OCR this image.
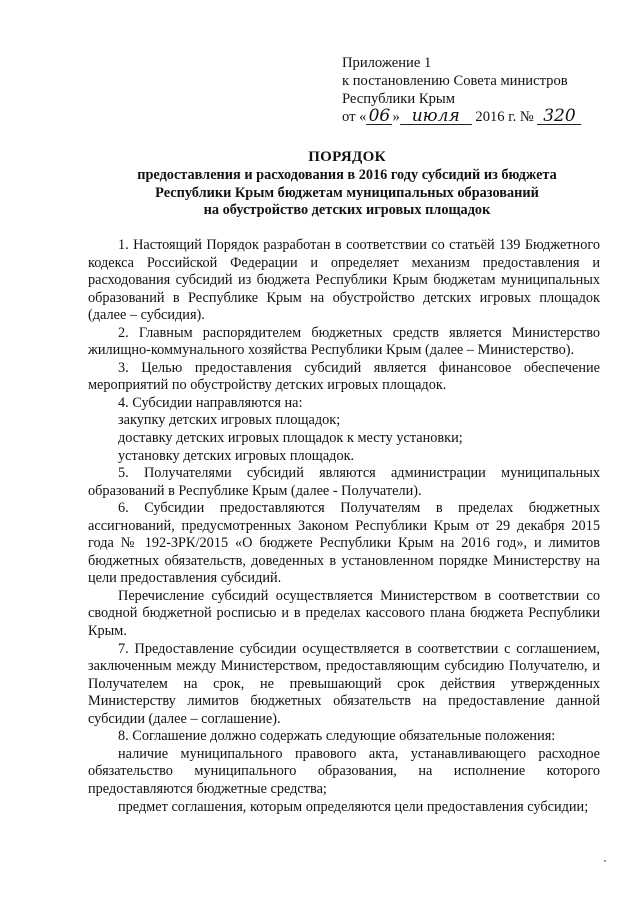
Приложение 1
к постановлению Совета министров
Республики Крым
от « 06 » июля 2016 г. № 320
ПОРЯДОК
предоставления и расходования в 2016 году субсидий из бюджета
Республики Крым бюджетам муниципальных образований
на обустройство детских игровых площадок

1. Настоящий Порядок разработан в соответствии со статьёй 139 Бюджетного кодекса Российской Федерации и определяет механизм предоставления и расходования субсидий из бюджета Республики Крым бюджетам муниципальных образований в Республике Крым на обустройство детских игровых площадок (далее – субсидия).

2. Главным распорядителем бюджетных средств является Министерство жилищно-коммунального хозяйства Республики Крым (далее – Министерство).

3. Целью предоставления субсидий является финансовое обеспечение мероприятий по обустройству детских игровых площадок.

4. Субсидии направляются на:

закупку детских игровых площадок;

доставку детских игровых площадок к месту установки;

установку детских игровых площадок.

5. Получателями субсидий являются администрации муниципальных образований в Республике Крым (далее - Получатели).

6. Субсидии предоставляются Получателям в пределах бюджетных ассигнований, предусмотренных Законом Республики Крым от 29 декабря 2015 года № 192-ЗРК/2015 «О бюджете Республики Крым на 2016 год», и лимитов бюджетных обязательств, доведенных в установленном порядке Министерству на цели предоставления субсидий.

Перечисление субсидий осуществляется Министерством в соответствии со сводной бюджетной росписью и в пределах кассового плана бюджета Республики Крым.

7. Предоставление субсидии осуществляется в соответствии с соглашением, заключенным между Министерством, предоставляющим субсидию Получателю, и Получателем на срок, не превышающий срок действия утвержденных Министерству лимитов бюджетных обязательств на предоставление данной субсидии (далее – соглашение).

8. Соглашение должно содержать следующие обязательные положения:

наличие муниципального правового акта, устанавливающего расходное обязательство муниципального образования, на исполнение которого предоставляются бюджетные средства;

предмет соглашения, которым определяются цели предоставления субсидии;
